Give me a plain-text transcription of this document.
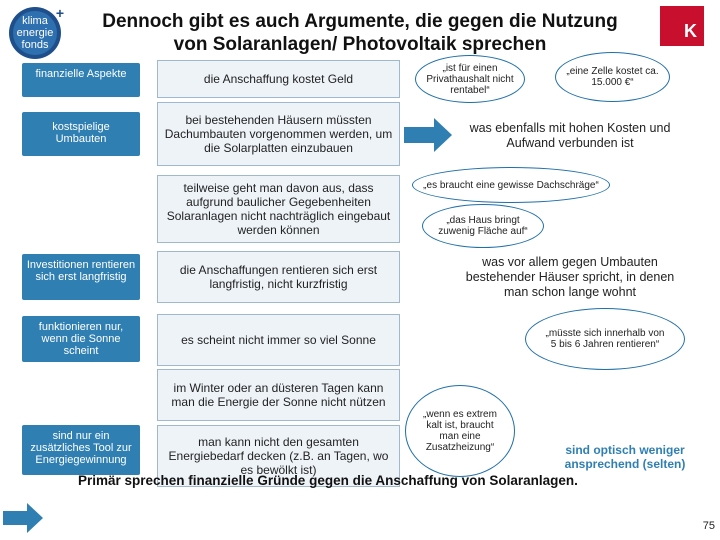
klima
energie
fonds
+	Dennoch gibt es auch Argumente, die gegen die Nutzung
von Solaranlagen/ Photovoltaik sprechen
K
finanzielle Aspekte
kostspielige Umbauten
Investitionen rentieren sich erst langfristig
funktionieren nur, wenn die Sonne scheint
sind nur ein zusätzliches Tool zur Energiegewinnung
die Anschaffung kostet Geld
bei bestehenden Häusern müssten Dachumbauten vorgenommen werden, um die Solarplatten einzubauen
teilweise geht man davon aus, dass aufgrund baulicher Gegebenheiten Solaranlagen nicht nachträglich eingebaut werden können
die Anschaffungen rentieren sich erst langfristig, nicht kurzfristig
es scheint nicht immer so viel Sonne
im Winter oder an düsteren Tagen kann man die Energie der Sonne nicht nützen
man kann nicht den gesamten Energiebedarf decken (z.B. an Tagen, wo es bewölkt ist)
was ebenfalls mit hohen Kosten und Aufwand verbunden ist
was vor allem gegen Umbauten bestehender Häuser spricht, in denen man schon lange wohnt
„ist für einen Privathaushalt nicht rentabel“
„eine Zelle kostet ca. 15.000 €“
„es braucht eine gewisse Dachschräge“
„das Haus bringt zuwenig Fläche auf“
„müsste sich innerhalb von 5 bis 6 Jahren rentieren“
„wenn es extrem kalt ist, braucht man eine Zusatzheizung“	sind optisch weniger ansprechend (selten)
Primär sprechen finanzielle Gründe gegen die Anschaffung von Solaranlagen.
75
